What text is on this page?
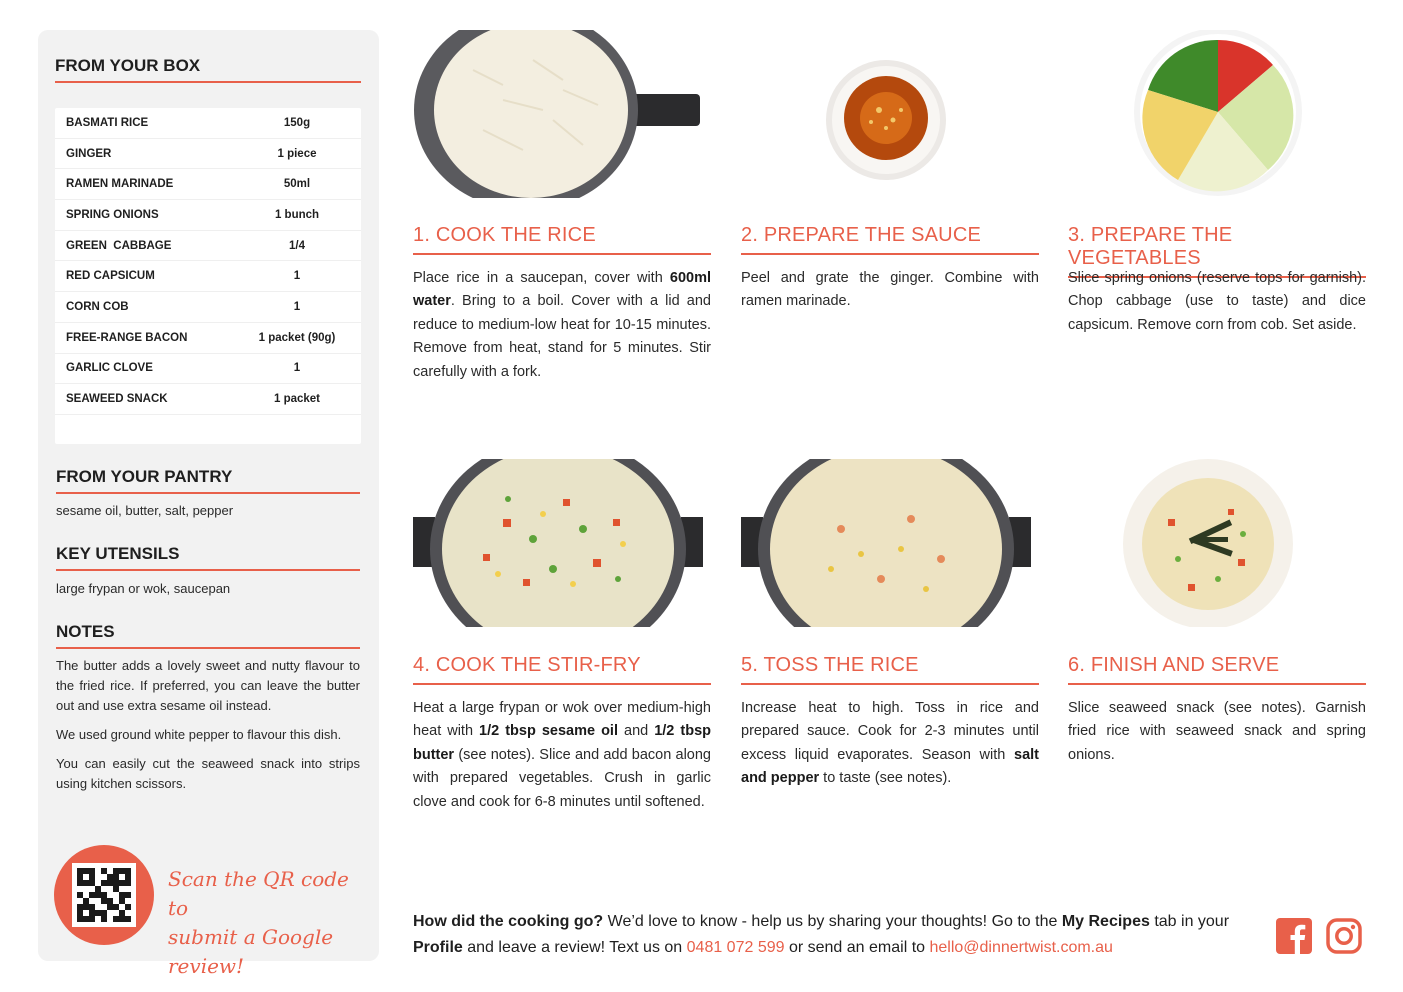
FROM YOUR BOX
BASMATI RICE	150g
GINGER	1 piece
RAMEN MARINADE	50ml
SPRING ONIONS	1 bunch
GREEN  CABBAGE	1/4
RED CAPSICUM	1
CORN COB	1
FREE-RANGE BACON	1 packet (90g)
GARLIC CLOVE	1
SEAWEED SNACK	1 packet
FROM YOUR PANTRY
sesame oil, butter, salt, pepper
KEY UTENSILS
large frypan or wok, saucepan
NOTES

The butter adds a lovely sweet and nutty flavour to the fried rice. If preferred, you can leave the butter out and use extra sesame oil instead.

We used ground white pepper to flavour this dish.

You can easily cut the seaweed snack into strips using kitchen scissors.

Scan the QR code to
submit a Google review!
1. COOK THE RICE
Place rice in a saucepan, cover with 600ml water. Bring to a boil. Cover with a lid and reduce to medium-low heat for 10-15 minutes. Remove from heat, stand for 5 minutes. Stir carefully with a fork.
2. PREPARE THE SAUCE
Peel and grate the ginger. Combine with ramen marinade.
3. PREPARE THE VEGETABLES
Slice spring onions (reserve tops for garnish). Chop cabbage (use to taste) and dice capsicum. Remove corn from cob. Set aside.
4. COOK THE STIR-FRY
Heat a large frypan or wok over medium-high heat with 1/2 tbsp sesame oil and 1/2 tbsp butter (see notes). Slice and add bacon along with prepared vegetables. Crush in garlic clove and cook for 6-8 minutes until softened.
5. TOSS THE RICE
Increase heat to high. Toss in rice and prepared sauce. Cook for 2-3 minutes until excess liquid evaporates. Season with salt and pepper to taste (see notes).
6. FINISH AND SERVE
Slice seaweed snack (see notes). Garnish fried rice with seaweed snack and spring onions.
How did the cooking go? We’d love to know - help us by sharing your thoughts! Go to the My Recipes tab in your Profile and leave a review! Text us on 0481 072 599 or send an email to hello@dinnertwist.com.au
